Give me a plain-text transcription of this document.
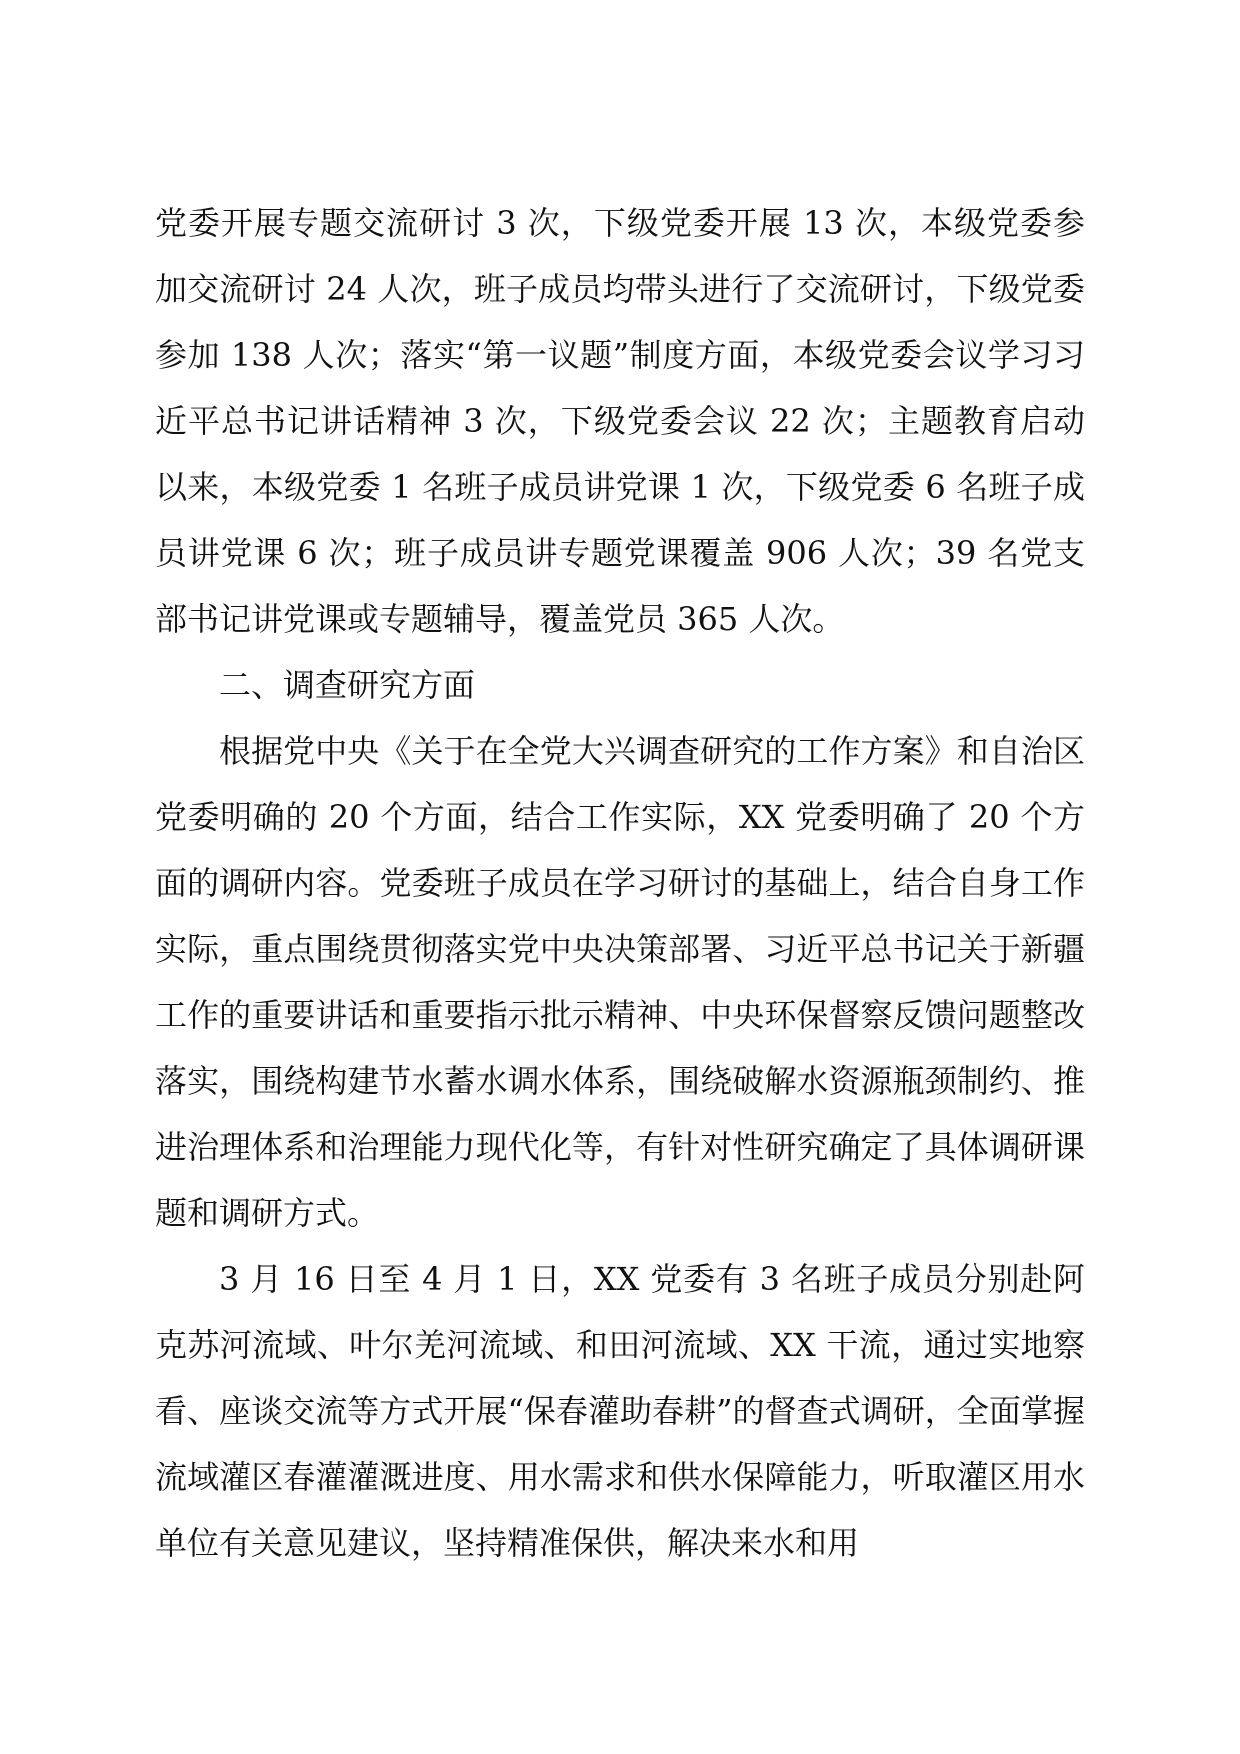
党委开展专题交流研讨 3 次，下级党委开展 13 次，本级党委参加交流研讨 24 人次，班子成员均带头进行了交流研讨，下级党委参加 138 人次；落实“第一议题”制度方面，本级党委会议学习习近平总书记讲话精神 3 次，下级党委会议 22 次；主题教育启动以来，本级党委 1 名班子成员讲党课 1 次，下级党委 6 名班子成员讲党课 6 次；班子成员讲专题党课覆盖 906 人次；39 名党支部书记讲党课或专题辅导，覆盖党员 365 人次。

二、调查研究方面

根据党中央《关于在全党大兴调查研究的工作方案》和自治区党委明确的 20 个方面，结合工作实际，XX 党委明确了 20 个方面的调研内容。党委班子成员在学习研讨的基础上，结合自身工作实际，重点围绕贯彻落实党中央决策部署、习近平总书记关于新疆工作的重要讲话和重要指示批示精神、中央环保督察反馈问题整改落实，围绕构建节水蓄水调水体系，围绕破解水资源瓶颈制约、推进治理体系和治理能力现代化等，有针对性研究确定了具体调研课题和调研方式。

3 月 16 日至 4 月 1 日，XX 党委有 3 名班子成员分别赴阿克苏河流域、叶尔羌河流域、和田河流域、XX 干流，通过实地察看、座谈交流等方式开展“保春灌助春耕”的督查式调研，全面掌握流域灌区春灌灌溉进度、用水需求和供水保障能力，听取灌区用水单位有关意见建议，坚持精准保供，解决来水和用
